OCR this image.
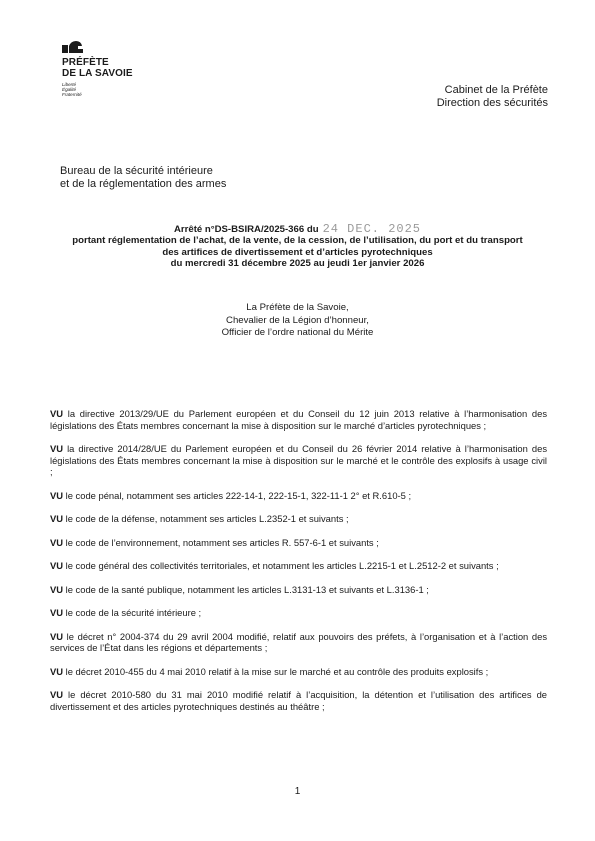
PRÉFÈTE
DE LA SAVOIE
Liberté
Égalité
Fraternité	Cabinet de la Préfète
Direction des sécurités
Bureau de la sécurité intérieure
et de la réglementation des armes
Arrêté n°DS-BSIRA/2025-366 du 24 DEC. 2025
portant réglementation de l’achat, de la vente, de la cession, de l’utilisation, du port et du transport
des artifices de divertissement et d’articles pyrotechniques
du mercredi 31 décembre 2025 au jeudi 1er janvier 2026
La Préfète de la Savoie,
Chevalier de la Légion d’honneur,
Officier de l’ordre national du Mérite

VU la directive 2013/29/UE du Parlement européen et du Conseil du 12 juin 2013 relative à l’harmonisation des législations des États membres concernant la mise à disposition sur le marché d’articles pyrotechniques ;

VU la directive 2014/28/UE du Parlement européen et du Conseil du 26 février 2014 relative à l’harmonisation des législations des États membres concernant la mise à disposition sur le marché et le contrôle des explosifs à usage civil ;

VU le code pénal, notamment ses articles 222-14-1, 222-15-1, 322-11-1 2° et R.610-5 ;

VU le code de la défense, notamment ses articles L.2352-1 et suivants ;

VU le code de l’environnement, notamment ses articles R. 557-6-1 et suivants ;

VU le code général des collectivités territoriales, et notamment les articles L.2215-1 et L.2512-2 et suivants ;

VU le code de la santé publique, notamment les articles L.3131-13 et suivants et L.3136-1 ;

VU le code de la sécurité intérieure ;

VU le décret n° 2004-374 du 29 avril 2004 modifié, relatif aux pouvoirs des préfets, à l’organisation et à l’action des services de l’État dans les régions et départements ;

VU le décret 2010-455 du 4 mai 2010 relatif à la mise sur le marché et au contrôle des produits explosifs ;

VU le décret 2010-580 du 31 mai 2010 modifié relatif à l’acquisition, la détention et l’utilisation des artifices de divertissement et des articles pyrotechniques destinés au théâtre ;

1
